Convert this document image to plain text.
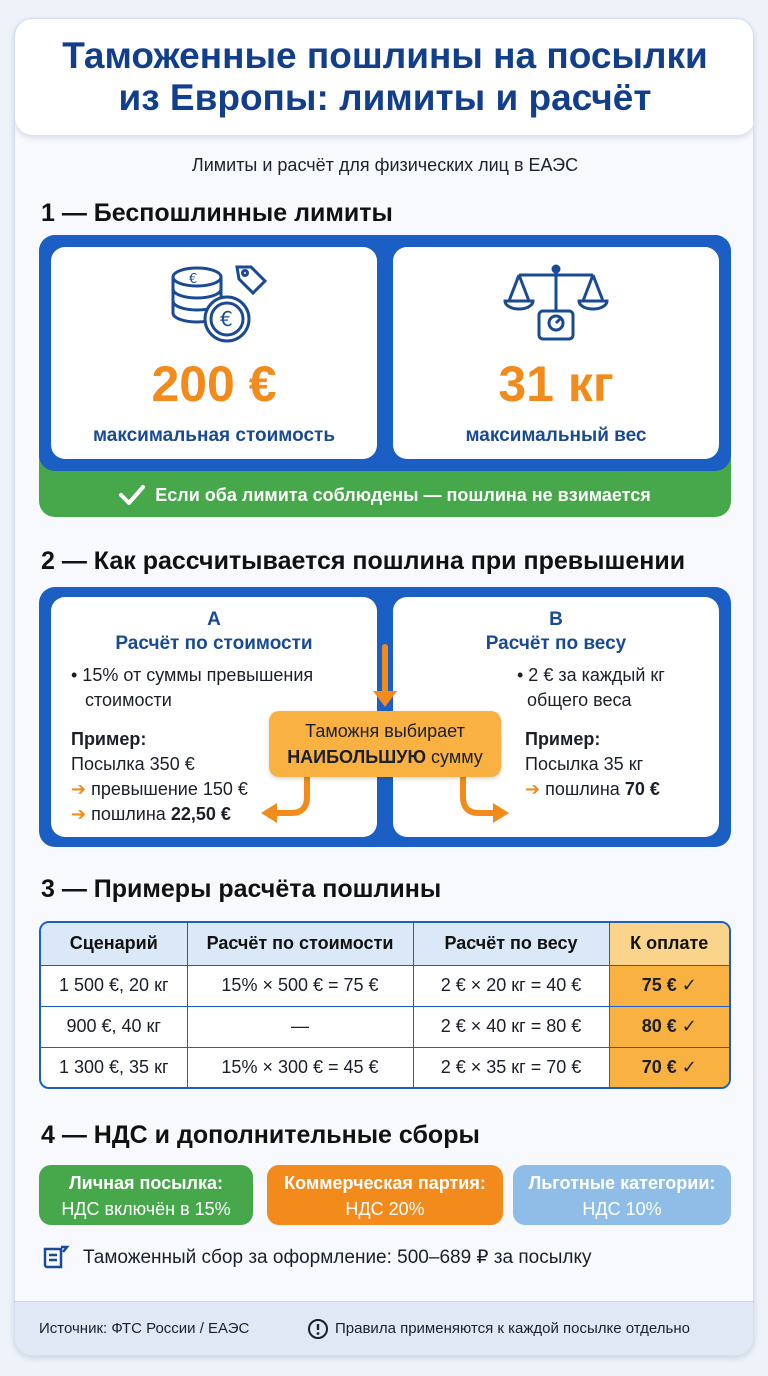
Таможенные пошлины на посылки
из Европы: лимиты и расчёт
Лимиты и расчёт для физических лиц в ЕАЭС
1 — Беспошлинные лимиты
€
€
200 €
максимальная стоимость
31 кг
максимальный вес
Если оба лимита соблюдены — пошлина не взимается
2 — Как рассчитывается пошлина при превышении
А
Расчёт по стоимости
• 15% от суммы превышения
стоимости
Пример:
Посылка 350 €
➔ превышение 150 €
➔ пошлина 22,50 €
В
Расчёт по весу
• 2 € за каждый кг
общего веса
Пример:
Посылка 35 кг
➔ пошлина 70 €
Таможня выбирает
НАИБОЛЬШУЮ сумму
3 — Примеры расчёта пошлины
Сценарий	Расчёт по стоимости	Расчёт по весу	К оплате
1 500 €, 20 кг	15% × 500 € = 75 €	2 € × 20 кг = 40 €	75 € ✓
900 €, 40 кг	—	2 € × 40 кг = 80 €	80 € ✓
1 300 €, 35 кг	15% × 300 € = 45 €	2 € × 35 кг = 70 €	70 € ✓
4 — НДС и дополнительные сборы
Личная посылка:
НДС включён в 15%
Коммерческая партия:
НДС 20%
Льготные категории:
НДС 10%
Таможенный сбор за оформление: 500–689 ₽ за посылку
Источник: ФТС России / ЕАЭС	Правила применяются к каждой посылке отдельно
